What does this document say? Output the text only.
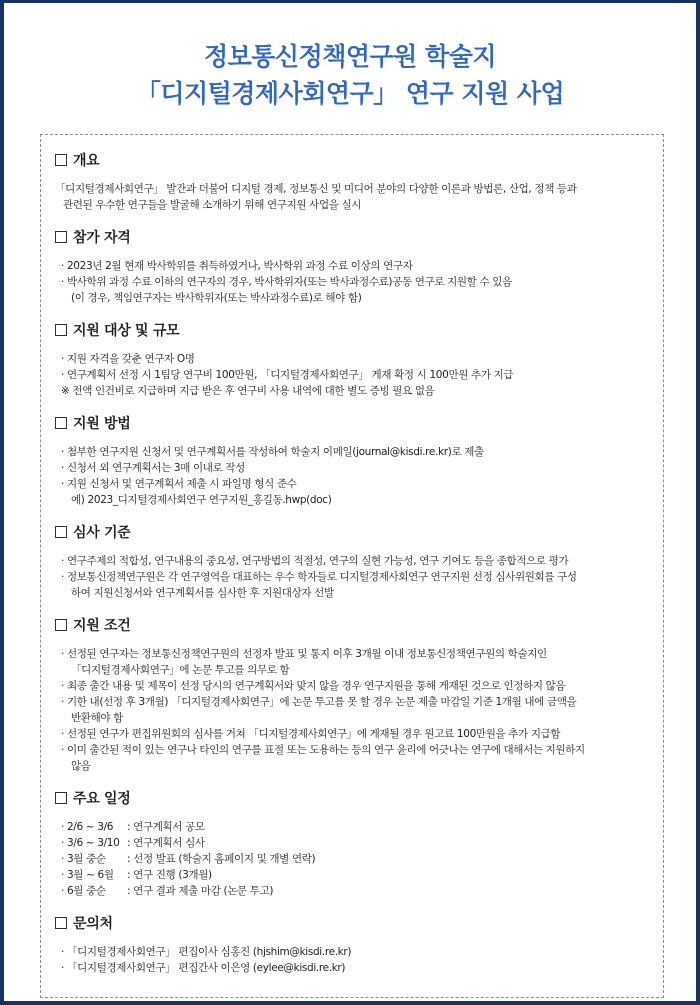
정보통신정책연구원 학술지
「디지털경제사회연구」 연구 지원 사업
개요
「디지털경제사회연구」 발간과 더불어 디지털 경제, 정보통신 및 미디어 분야의 다양한 이론과 방법론, 산업, 정책 등과
관련된 우수한 연구들을 발굴해 소개하기 위해 연구지원 사업을 실시
참가 자격
· 2023년 2월 현재 박사학위를 취득하였거나, 박사학위 과정 수료 이상의 연구자
· 박사학위 과정 수료 이하의 연구자의 경우, 박사학위자(또는 박사과정수료)공동 연구로 지원할 수 있음
(이 경우, 책임연구자는 박사학위자(또는 박사과정수료)로 해야 함)
지원 대상 및 규모
· 지원 자격을 갖춘 연구자 O명
· 연구계획서 선정 시 1팀당 연구비 100만원, 「디지털경제사회연구」 게재 확정 시 100만원 추가 지급
※ 전액 인건비로 지급하며 지급 받은 후 연구비 사용 내역에 대한 별도 증빙 필요 없음
지원 방법
· 첨부한 연구지원 신청서 및 연구계획서를 작성하여 학술지 이메일(journal@kisdi.re.kr)로 제출
· 신청서 외 연구계획서는 3매 이내로 작성
· 지원 신청서 및 연구계획서 제출 시 파일명 형식 준수
예) 2023_디지털경제사회연구 연구지원_홍길동.hwp(doc)
심사 기준
· 연구주제의 적합성, 연구내용의 중요성, 연구방법의 적절성, 연구의 실현 가능성, 연구 기여도 등을 종합적으로 평가
· 정보통신정책연구원은 각 연구영역을 대표하는 우수 학자들로 디지털경제사회연구 연구지원 선정 심사위원회를 구성
하여 지원신청서와 연구계획서를 심사한 후 지원대상자 선발
지원 조건
· 선정된 연구자는 정보통신정책연구원의 선정자 발표 및 통지 이후 3개월 이내 정보통신정책연구원의 학술지인
「디지털경제사회연구」에 논문 투고를 의무로 함
· 최종 출간 내용 및 제목이 선정 당시의 연구계획서와 맞지 않을 경우 연구지원을 통해 게재된 것으로 인정하지 않음
· 기한 내(선정 후 3개월) 「디지털경제사회연구」에 논문 투고를 못 할 경우 논문 제출 마감일 기준 1개월 내에 금액을
반환해야 함
· 선정된 연구가 편집위원회의 심사를 거쳐 「디지털경제사회연구」에 게재될 경우 원고료 100만원을 추가 지급함
· 이미 출간된 적이 있는 연구나 타인의 연구를 표절 또는 도용하는 등의 연구 윤리에 어긋나는 연구에 대해서는 지원하지
않음
주요 일정
· 2/6 ~ 3/6	: 연구계획서 공모
· 3/6 ~ 3/10 : 연구계획서 심사
· 3월 중순	: 선정 발표 (학술지 홈페이지 및 개별 연락)
· 3월 ~ 6월	: 연구 진행 (3개월)
· 6월 중순	: 연구 결과 제출 마감 (논문 투고)
문의처
· 「디지털경제사회연구」 편집이사 심홍진 (hjshim@kisdi.re.kr)
· 「디지털경제사회연구」 편집간사 이은영 (eylee@kisdi.re.kr)
